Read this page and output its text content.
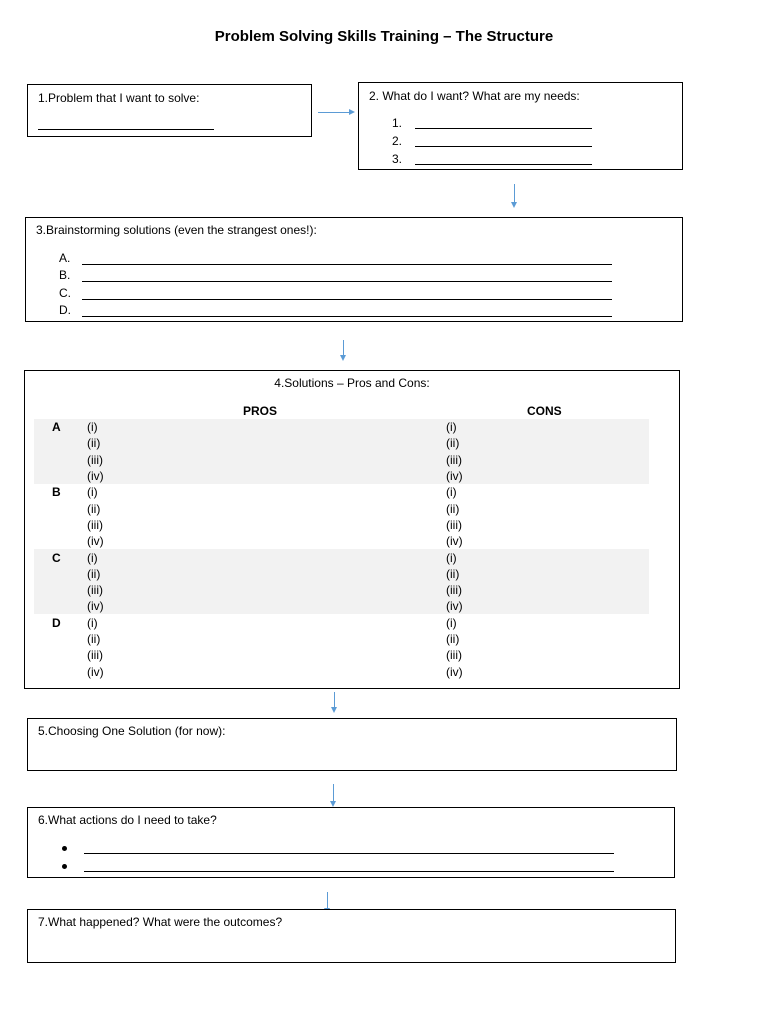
Problem Solving Skills Training – The Structure
1.Problem that I want to solve:	2. What do I want? What are my needs:
1.
2.
3.
3.Brainstorming solutions (even the strangest ones!):
A.
B.
C.
D.
4.Solutions – Pros and Cons:
PROS	CONS
A (i)	(i)
(ii)	(ii)
(iii)	(iii)
(iv)	(iv)
B (i)	(i)
(ii)	(ii)
(iii)	(iii)
(iv)	(iv)
C (i)	(i)
(ii)	(ii)
(iii)	(iii)
(iv)	(iv)
D (i)	(i)
(ii)	(ii)
(iii)	(iii)
(iv)	(iv)
5.Choosing One Solution (for now):
6.What actions do I need to take?
7.What happened? What were the outcomes?
